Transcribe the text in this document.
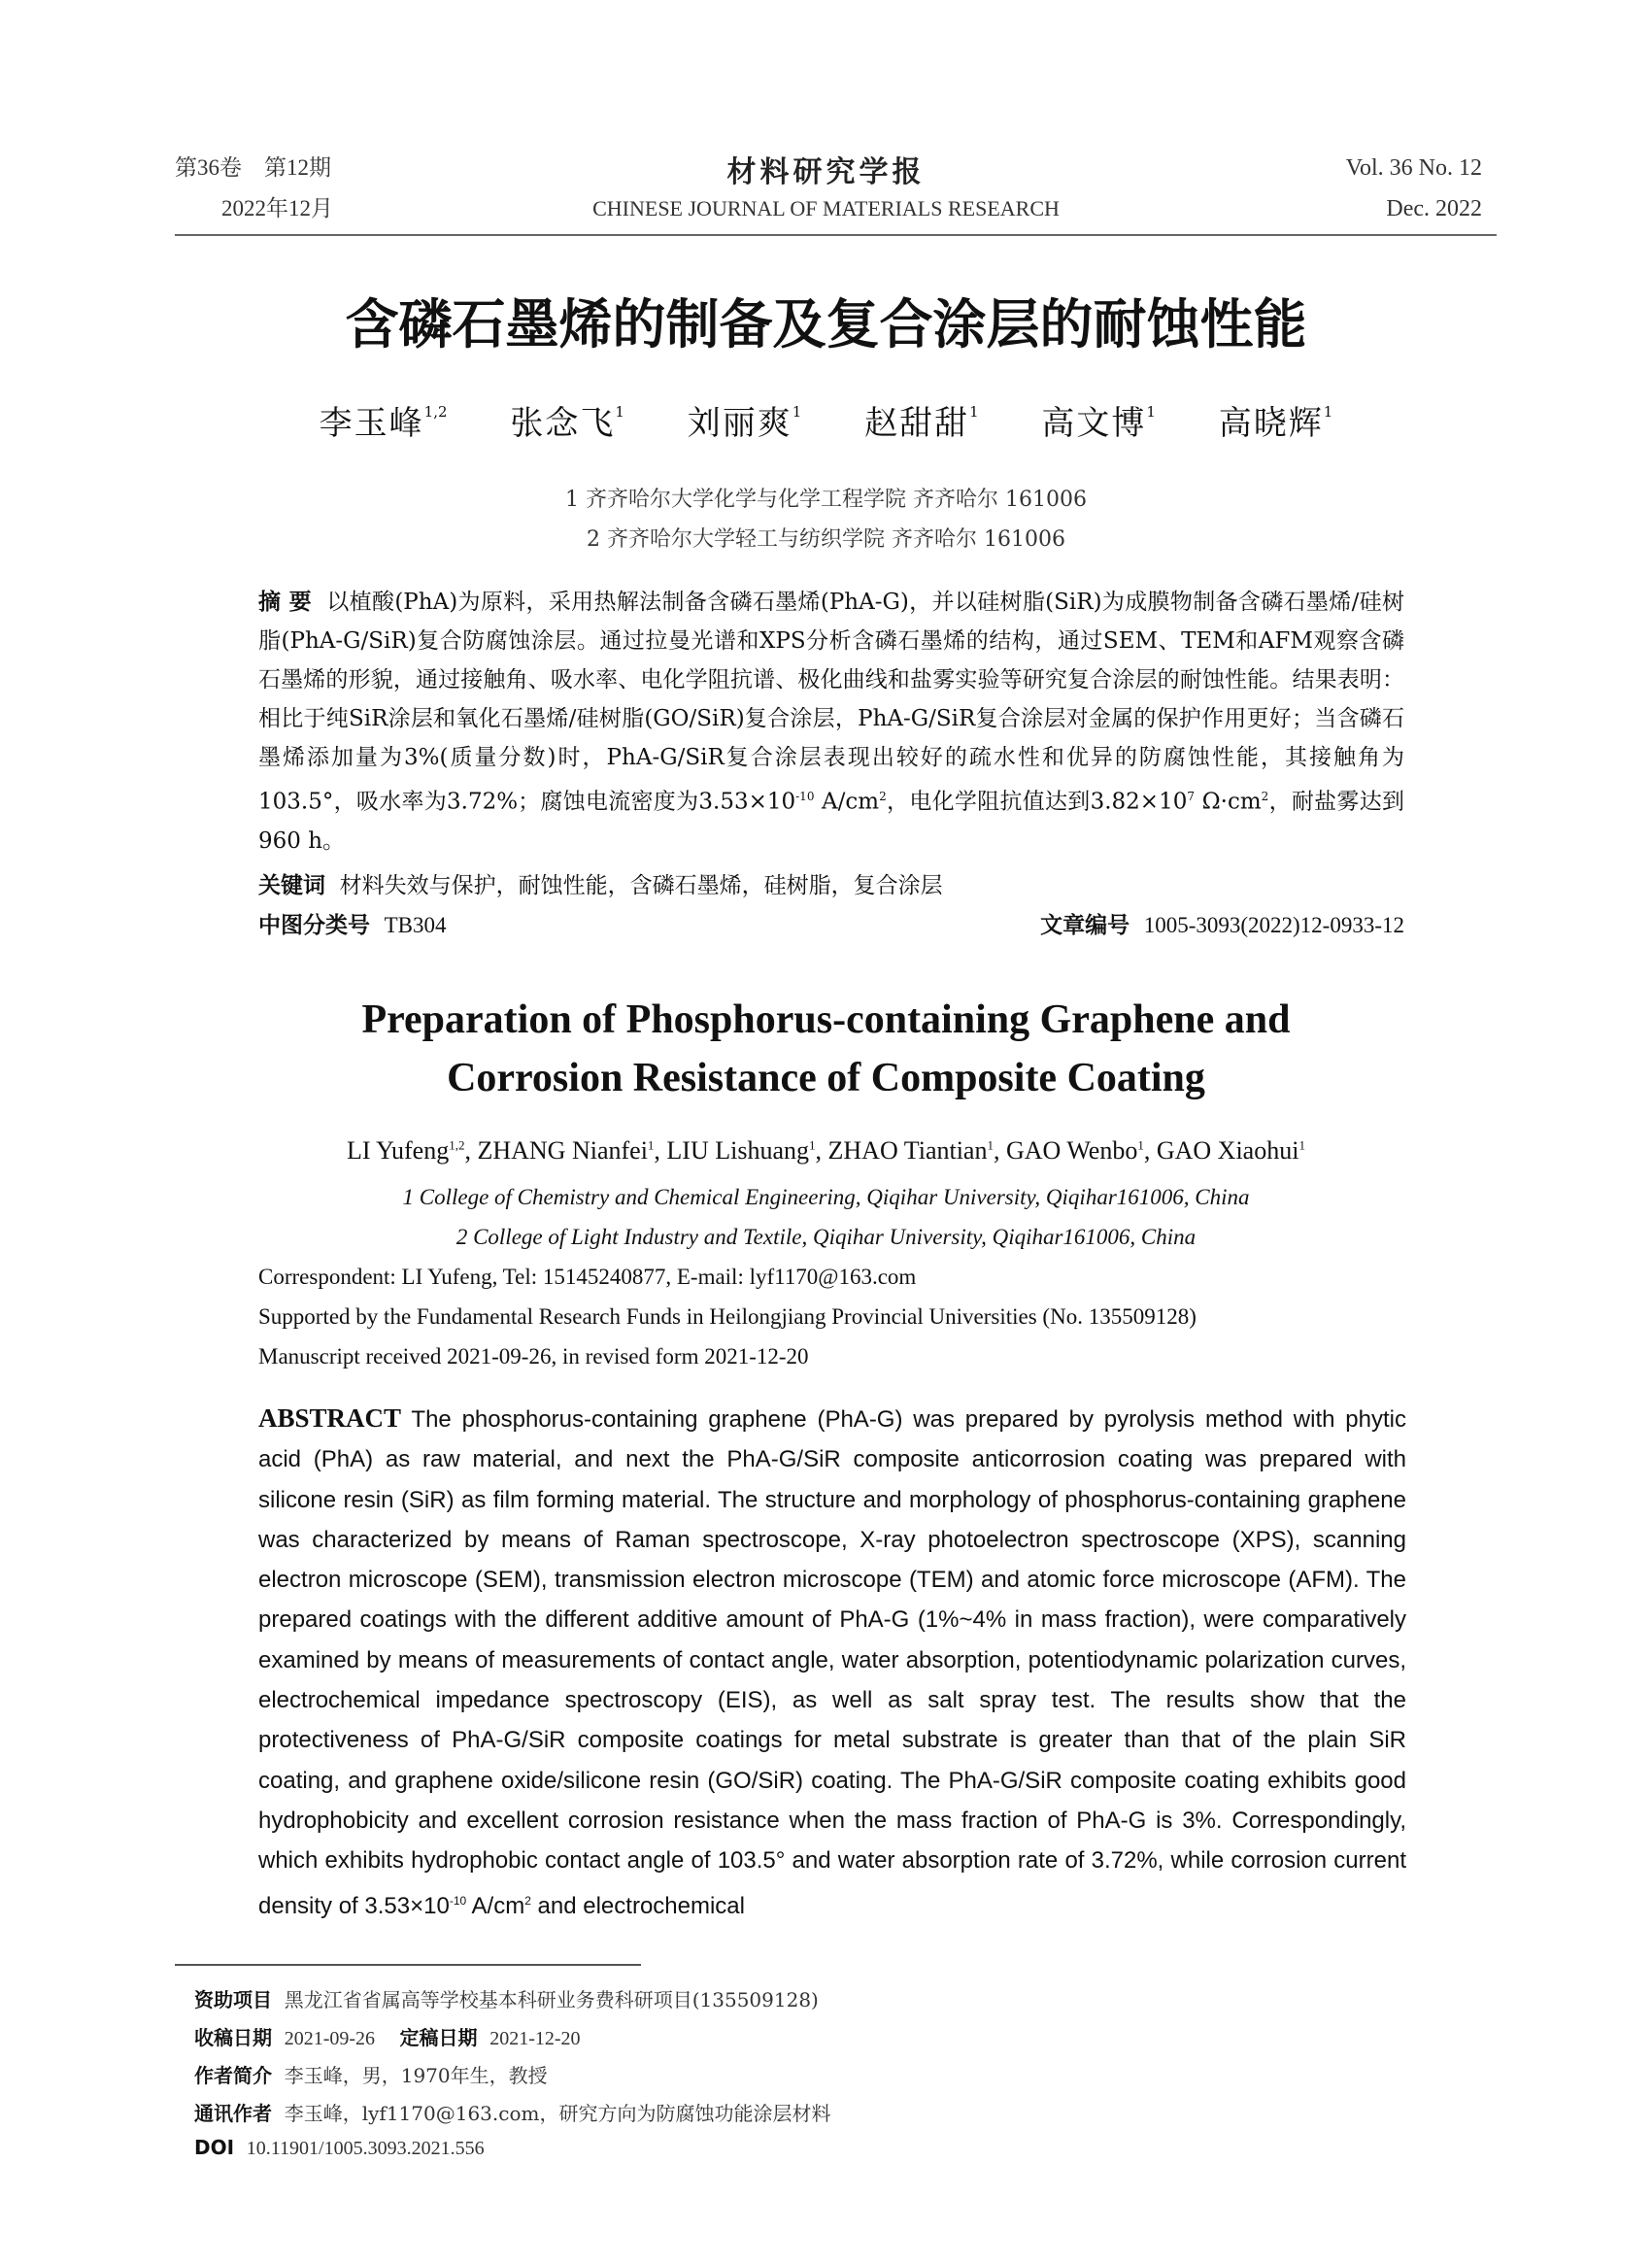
第36卷　第12期
2022年12月
材料研究学报
CHINESE JOURNAL OF MATERIALS RESEARCH
Vol. 36 No. 12
Dec. 2022
含磷石墨烯的制备及复合涂层的耐蚀性能
李玉峰$^{1,2}$ 张念飞$^1$ 刘丽爽$^1$ 赵甜甜$^1$ 高文博$^1$ 高晓辉$^1$
1 齐齐哈尔大学化学与化学工程学院 齐齐哈尔 161006
2 齐齐哈尔大学轻工与纺织学院 齐齐哈尔 161006
摘 要 以植酸(PhA)为原料，采用热解法制备含磷石墨烯(PhA-G)，并以硅树脂(SiR)为成膜物制备含磷石墨烯/硅树脂(PhA-G/SiR)复合防腐蚀涂层。通过拉曼光谱和XPS分析含磷石墨烯的结构，通过SEM、TEM和AFM观察含磷石墨烯的形貌，通过接触角、吸水率、电化学阻抗谱、极化曲线和盐雾实验等研究复合涂层的耐蚀性能。结果表明：相比于纯SiR涂层和氧化石墨烯/硅树脂(GO/SiR)复合涂层，PhA-G/SiR复合涂层对金属的保护作用更好；当含磷石墨烯添加量为3%(质量分数)时，PhA-G/SiR复合涂层表现出较好的疏水性和优异的防腐蚀性能，其接触角为103.5°，吸水率为3.72%；腐蚀电流密度为$3.53\times 10^{-10}$ $A/cm^2$，电化学阻抗值达到$3.82\times 10^7$ $\Omega\cdot cm^2$，耐盐雾达到960 h。
关键词 材料失效与保护，耐蚀性能，含磷石墨烯，硅树脂，复合涂层
中图分类号 TB304	文章编号 1005-3093(2022)12-0933-12
Preparation of Phosphorus-containing Graphene and
Corrosion Resistance of Composite Coating
LI Yufeng$^{1,2}$, ZHANG Nianfei$^1$, LIU Lishuang$^1$, ZHAO Tiantian$^1$, GAO Wenbo$^1$, GAO Xiaohui$^1$
1 College of Chemistry and Chemical Engineering, Qiqihar University, Qiqihar161006, China
2 College of Light Industry and Textile, Qiqihar University, Qiqihar161006, China
Correspondent: LI Yufeng, Tel: 15145240877, E-mail: lyf1170@163.com
Supported by the Fundamental Research Funds in Heilongjiang Provincial Universities (No. 135509128)
Manuscript received 2021-09-26, in revised form 2021-12-20
ABSTRACT The phosphorus-containing graphene (PhA-G) was prepared by pyrolysis method with phytic acid (PhA) as raw material, and next the PhA-G/SiR composite anticorrosion coating was prepared with silicone resin (SiR) as film forming material. The structure and morphology of phosphorus-containing graphene was characterized by means of Raman spectroscope, X-ray photoelectron spectroscope (XPS), scanning electron microscope (SEM), transmission electron microscope (TEM) and atomic force microscope (AFM). The prepared coatings with the different additive amount of PhA-G (1%~4% in mass fraction), were comparatively examined by means of measurements of contact angle, water absorption, potentiodynamic polarization curves, electrochemical impedance spectroscopy (EIS), as well as salt spray test. The results show that the protectiveness of PhA-G/SiR composite coatings for metal substrate is greater than that of the plain SiR coating, and graphene oxide/silicone resin (GO/SiR) coating. The PhA-G/SiR composite coating exhibits good hydrophobicity and excellent corrosion resistance when the mass fraction of PhA-G is 3%. Correspondingly, which exhibits hydrophobic contact angle of 103.5° and water absorption rate of 3.72%, while corrosion current density of $3.53\times 10^{-10}$ $A/cm^2$ and electrochemical
资助项目 黑龙江省省属高等学校基本科研业务费科研项目(135509128)
收稿日期 2021-09-26 定稿日期 2021-12-20
作者简介 李玉峰，男，1970年生，教授
通讯作者 李玉峰，lyf1170@163.com，研究方向为防腐蚀功能涂层材料
DOI 10.11901/1005.3093.2021.556
